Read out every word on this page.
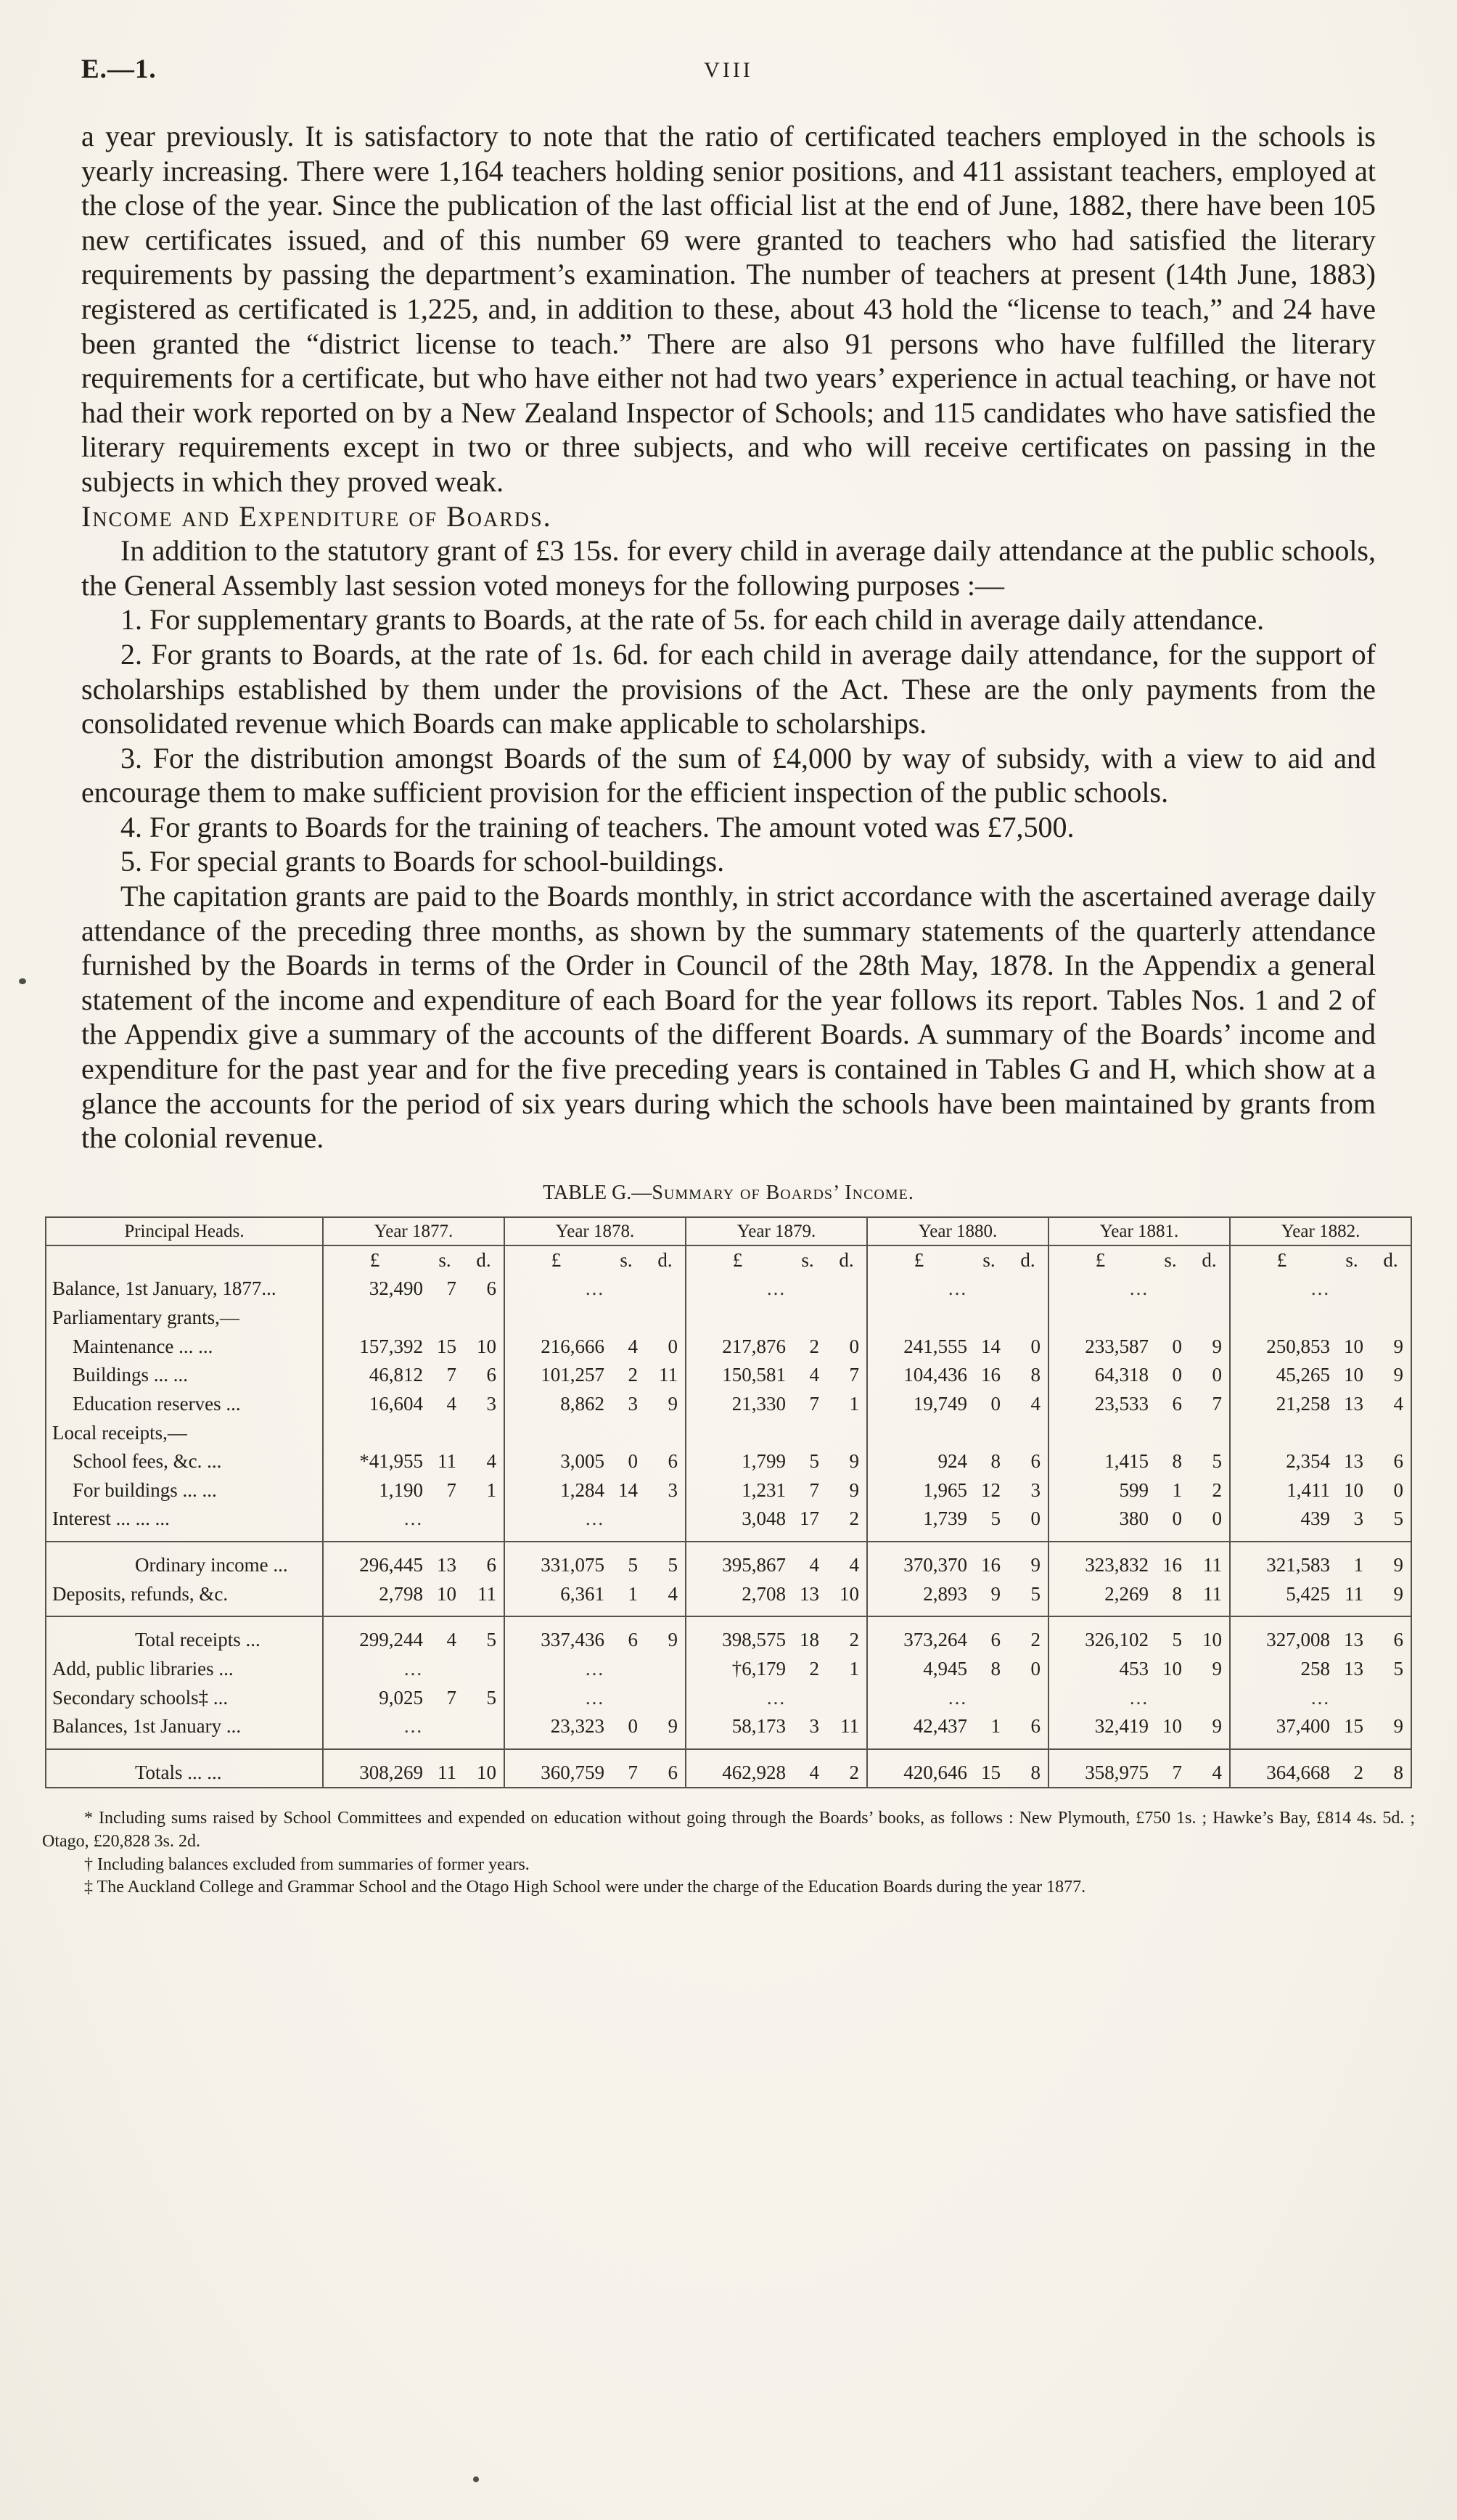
E.—1.	VIII

a year previously. It is satisfactory to note that the ratio of certificated teachers employed in the schools is yearly increasing. There were 1,164 teachers holding senior positions, and 411 assistant teachers, employed at the close of the year. Since the publication of the last official list at the end of June, 1882, there have been 105 new certificates issued, and of this number 69 were granted to teachers who had satisfied the literary requirements by passing the department’s examination. The number of teachers at present (14th June, 1883) registered as certificated is 1,225, and, in addition to these, about 43 hold the “license to teach,” and 24 have been granted the “district license to teach.” There are also 91 persons who have fulfilled the literary requirements for a certificate, but who have either not had two years’ experience in actual teaching, or have not had their work reported on by a New Zealand Inspector of Schools; and 115 candidates who have satisfied the literary requirements except in two or three subjects, and who will receive certificates on passing in the subjects in which they proved weak.

Income and Expenditure of Boards.

In addition to the statutory grant of £3 15s. for every child in average daily attendance at the public schools, the General Assembly last session voted moneys for the following purposes :—

1. For supplementary grants to Boards, at the rate of 5s. for each child in average daily attendance.

2. For grants to Boards, at the rate of 1s. 6d. for each child in average daily attendance, for the support of scholarships established by them under the provisions of the Act. These are the only payments from the consolidated revenue which Boards can make applicable to scholarships.

3. For the distribution amongst Boards of the sum of £4,000 by way of subsidy, with a view to aid and encourage them to make sufficient provision for the efficient inspection of the public schools.

4. For grants to Boards for the training of teachers. The amount voted was £7,500.

5. For special grants to Boards for school-buildings.

The capitation grants are paid to the Boards monthly, in strict accordance with the ascertained average daily attendance of the preceding three months, as shown by the summary statements of the quarterly attendance furnished by the Boards in terms of the Order in Council of the 28th May, 1878. In the Appendix a general statement of the income and expenditure of each Board for the year follows its report. Tables Nos. 1 and 2 of the Appendix give a summary of the accounts of the different Boards. A summary of the Boards’ income and expenditure for the past year and for the five preceding years is contained in Tables G and H, which show at a glance the accounts for the period of six years during which the schools have been maintained by grants from the colonial revenue.

TABLE G.—Summary of Boards’ Income.

Principal Heads.	Year 1877.			Year 1878.			Year 1879.			Year 1880.			Year 1881.			Year 1882.		
	£	s.	d.	£	s.	d.	£	s.	d.	£	s.	d.	£	s.	d.	£	s.	d.
Balance, 1st January, 1877...	32,490	7	6	...			...			...			...			...		
Parliamentary grants,—																		
Maintenance ... ...	157,392	15	10	216,666	4	0	217,876	2	0	241,555	14	0	233,587	0	9	250,853	10	9
Buildings ... ...	46,812	7	6	101,257	2	11	150,581	4	7	104,436	16	8	64,318	0	0	45,265	10	9
Education reserves ...	16,604	4	3	8,862	3	9	21,330	7	1	19,749	0	4	23,533	6	7	21,258	13	4
Local receipts,—																		
School fees, &c. ...	*41,955	11	4	3,005	0	6	1,799	5	9	924	8	6	1,415	8	5	2,354	13	6
For buildings ... ...	1,190	7	1	1,284	14	3	1,231	7	9	1,965	12	3	599	1	2	1,411	10	0
Interest ... ... ...	...			...			3,048	17	2	1,739	5	0	380	0	0	439	3	5
Ordinary income ...	296,445	13	6	331,075	5	5	395,867	4	4	370,370	16	9	323,832	16	11	321,583	1	9
Deposits, refunds, &c.	2,798	10	11	6,361	1	4	2,708	13	10	2,893	9	5	2,269	8	11	5,425	11	9
Total receipts ...	299,244	4	5	337,436	6	9	398,575	18	2	373,264	6	2	326,102	5	10	327,008	13	6
Add, public libraries ...	...			...			†6,179	2	1	4,945	8	0	453	10	9	258	13	5
Secondary schools‡ ...	9,025	7	5	...			...			...			...			...		
Balances, 1st January ...	...			23,323	0	9	58,173	3	11	42,437	1	6	32,419	10	9	37,400	15	9
Totals ... ...	308,269	11	10	360,759	7	6	462,928	4	2	420,646	15	8	358,975	7	4	364,668	2	8

* Including sums raised by School Committees and expended on education without going through the Boards’ books, as follows : New Plymouth, £750 1s. ; Hawke’s Bay, £814 4s. 5d. ; Otago, £20,828 3s. 2d.

† Including balances excluded from summaries of former years.

‡ The Auckland College and Grammar School and the Otago High School were under the charge of the Education Boards during the year 1877.
